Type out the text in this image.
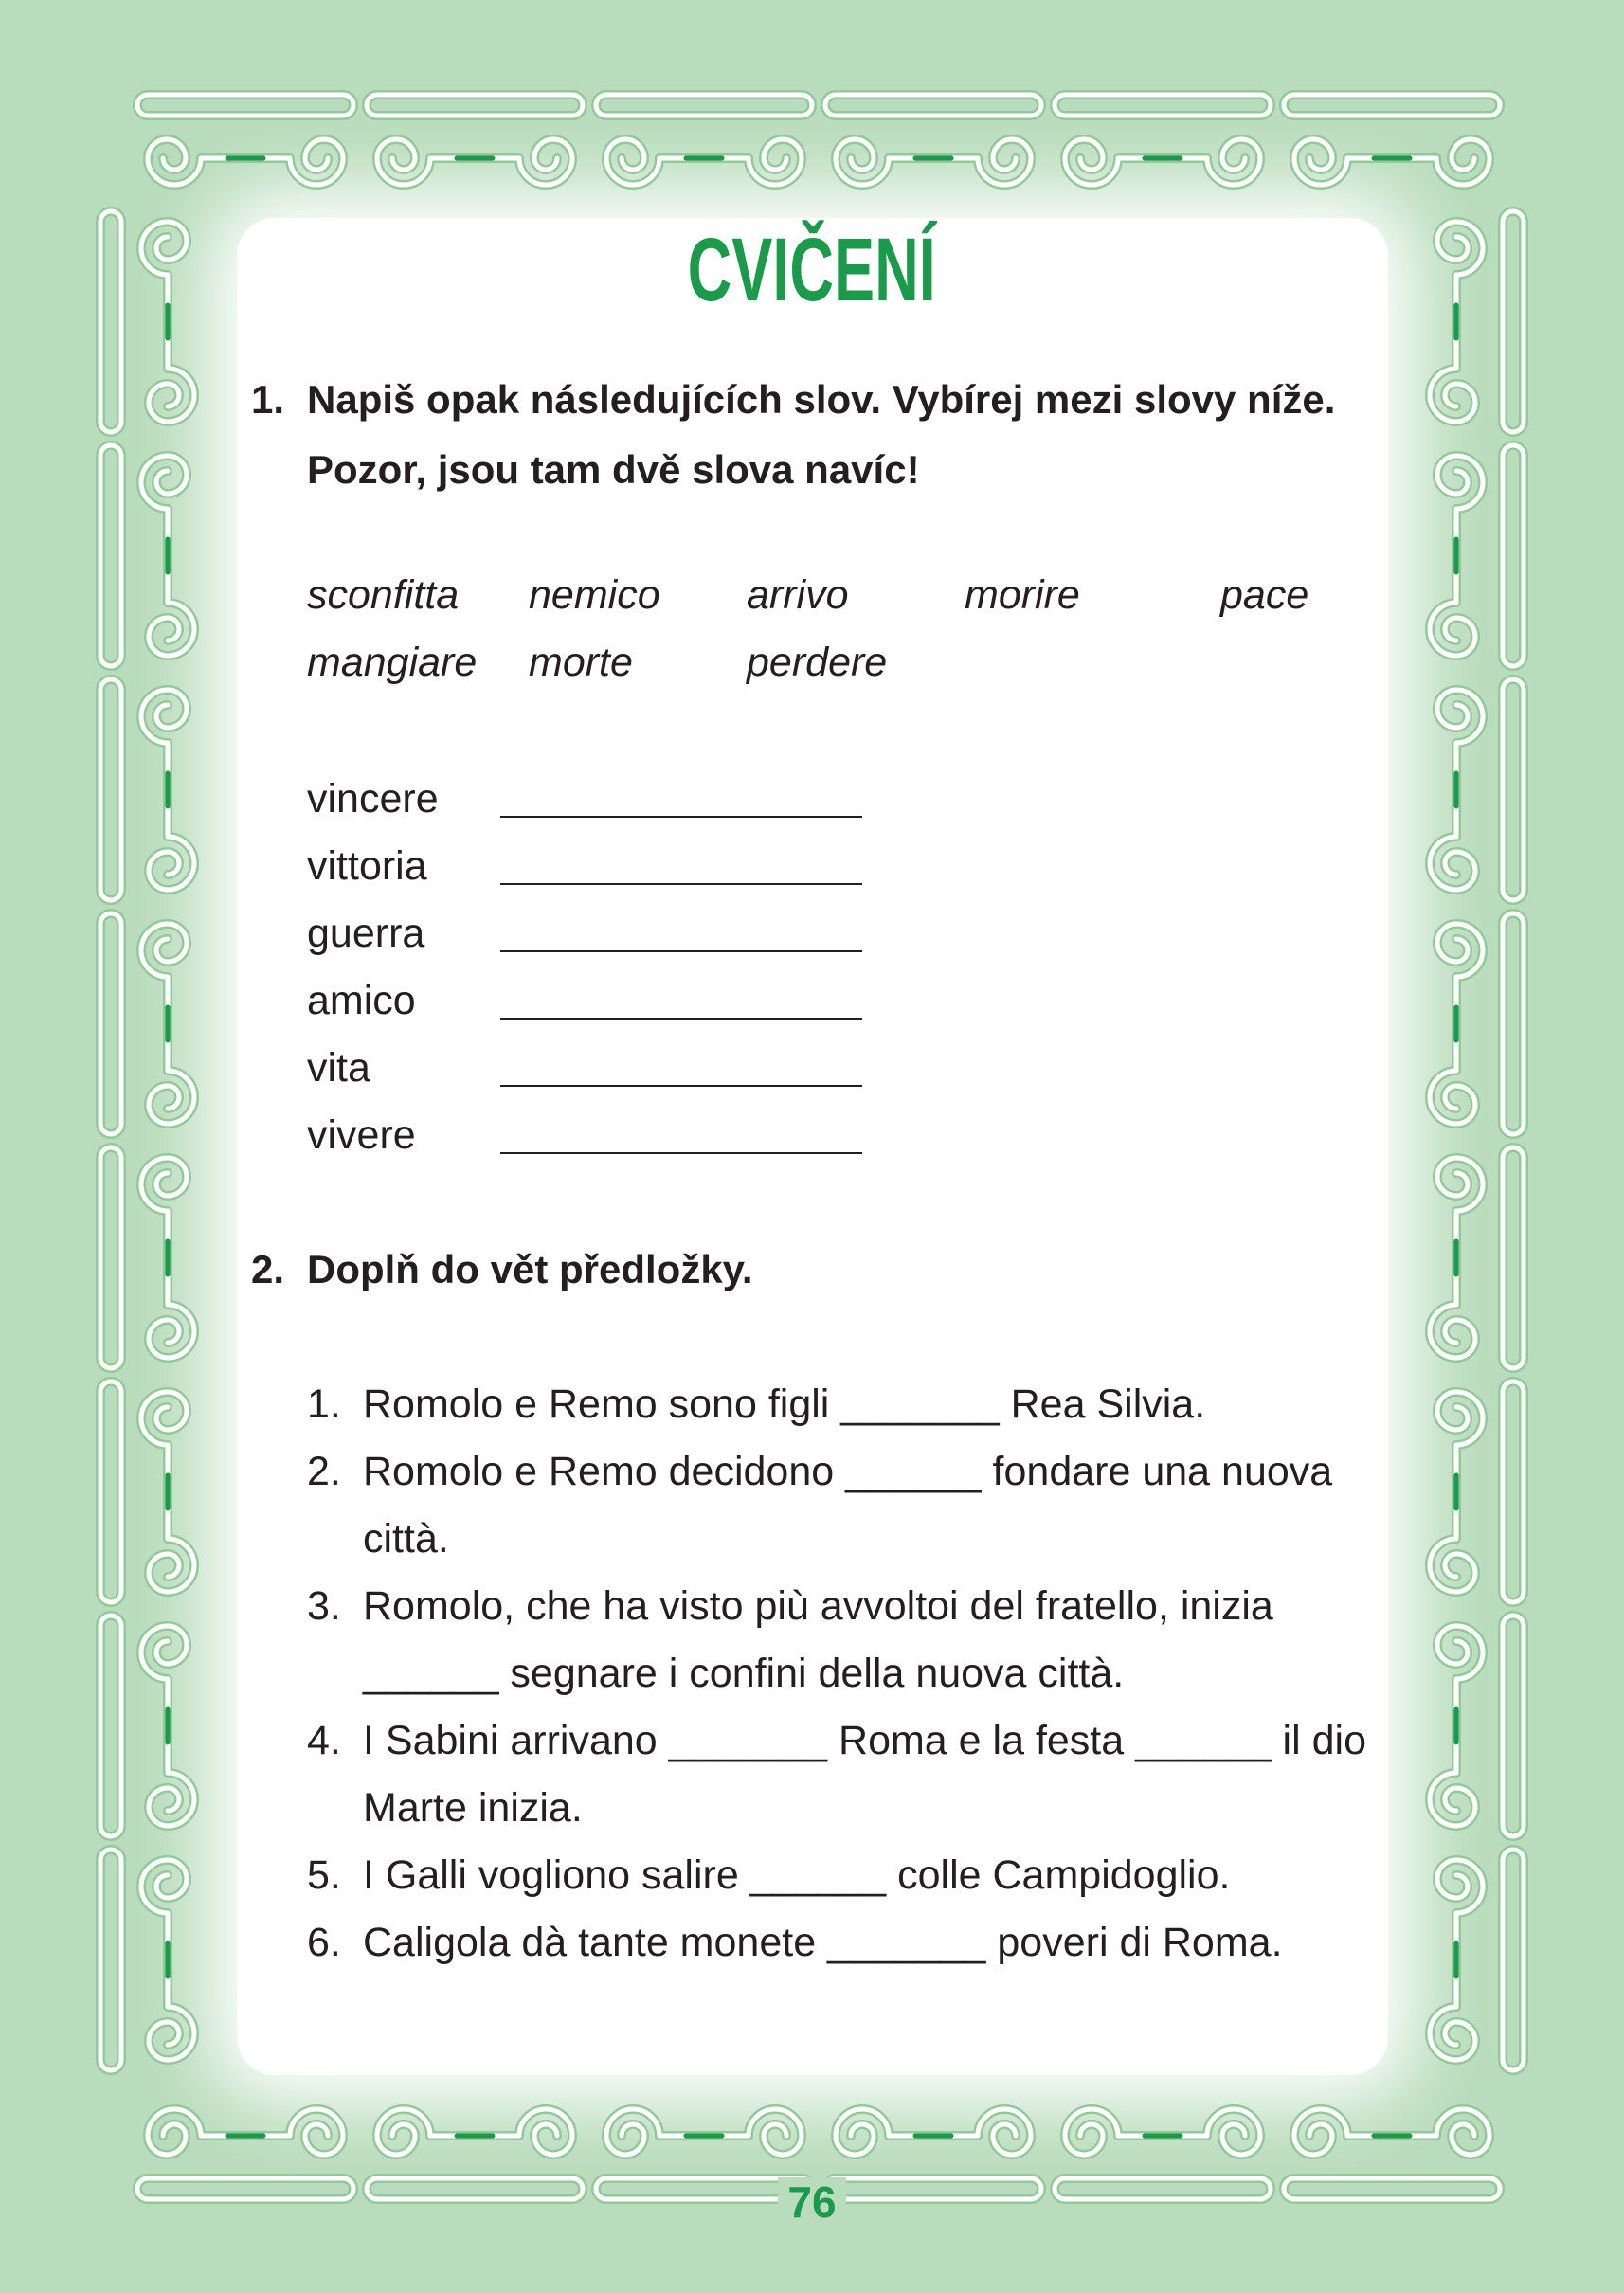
CVIČENÍ
1. Napiš opak následujících slov. Vybírej mezi slovy níže.
Pozor, jsou tam dvě slova navíc!
sconfitta	nemico	arrivo	morire	pace
mangiare	morte	perdere
vincere
vittoria
guerra
amico
vita
vivere
2. Doplň do vět předložky.
1. Romolo e Remo sono figli _______ Rea Silvia.
2. Romolo e Remo decidono ______ fondare una nuova
città.
3. Romolo, che ha visto più avvoltoi del fratello, inizia
______ segnare i confini della nuova città.
4. I Sabini arrivano _______ Roma e la festa ______ il dio
Marte inizia.
5. I Galli vogliono salire ______ colle Campidoglio.
6. Caligola dà tante monete _______ poveri di Roma.
76
